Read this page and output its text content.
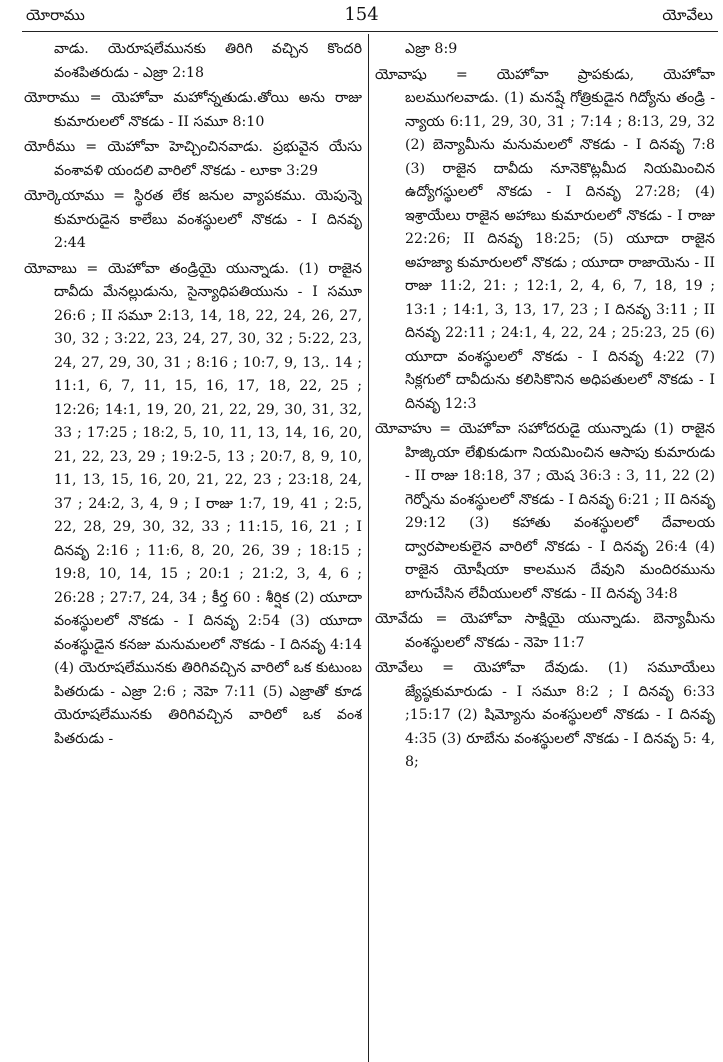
యోరాము	154	యోవేలు

వాడు. యెరూషలేమునకు తిరిగి వచ్చిన కొందరి వంశపితరుడు - ఎజ్రా 2:18

యోరాము = యెహోవా మహోన్నతుడు.తోయి అను రాజు కుమారులలో నొకడు - II సమూ 8:10

యోరీము = యెహోవా హెచ్చించినవాడు. ప్రభువైన యేసు వంశావళి యందలి వారిలో నొకడు - లూకా 3:29

యోర్కెయాము = స్థిరత లేక జనుల వ్యాపకము. యెపున్నె కుమారుడైన కాలేబు వంశస్థులలో నొకడు - I దినవృ 2:44

యోవాబు = యెహోవా తండ్రియై యున్నాడు. (1) రాజైన దావీదు మేనల్లుడును, సైన్యాధిపతియును - I సమూ 26:6 ; II సమూ 2:13, 14, 18, 22, 24, 26, 27, 30, 32 ; 3:22, 23, 24, 27, 30, 32 ; 5:22, 23, 24, 27, 29, 30, 31 ; 8:16 ; 10:7, 9, 13,. 14 ; 11:1, 6, 7, 11, 15, 16, 17, 18, 22, 25 ; 12:26; 14:1, 19, 20, 21, 22, 29, 30, 31, 32, 33 ; 17:25 ; 18:2, 5, 10, 11, 13, 14, 16, 20, 21, 22, 23, 29 ; 19:2-5, 13 ; 20:7, 8, 9, 10, 11, 13, 15, 16, 20, 21, 22, 23 ; 23:18, 24, 37 ; 24:2, 3, 4, 9 ; I రాజు 1:7, 19, 41 ; 2:5, 22, 28, 29, 30, 32, 33 ; 11:15, 16, 21 ; I దినవృ 2:16 ; 11:6, 8, 20, 26, 39 ; 18:15 ; 19:8, 10, 14, 15 ; 20:1 ; 21:2, 3, 4, 6 ; 26:28 ; 27:7, 24, 34 ; కీర్త 60 : శీర్షిక (2) యూదా వంశస్థులలో నొకడు - I దినవృ 2:54 (3) యూదా వంశస్థుడైన కనజు మనుమలలో నొకడు - I దినవృ 4:14 (4) యెరూషలేమునకు తిరిగివచ్చిన వారిలో ఒక కుటుంబ పితరుడు - ఎజ్రా 2:6 ; నెహె 7:11 (5) ఎజ్రాతో కూడ యెరూషలేమునకు తిరిగివచ్చిన వారిలో ఒక వంశ పితరుడు -

ఎజ్రా 8:9

యోవాషు = యెహోవా ప్రాపకుడు, యెహోవా బలముగలవాడు. (1) మనష్షే గోత్రికుడైన గిద్యోను తండ్రి - న్యాయ 6:11, 29, 30, 31 ; 7:14 ; 8:13, 29, 32 (2) బెన్యామీను మనుమలలో నొకడు - I దినవృ 7:8 (3) రాజైన దావీదు నూనెకొట్లమీద నియమించిన ఉద్యోగస్థులలో నొకడు - I దినవృ 27:28; (4) ఇశ్రాయేలు రాజైన అహాబు కుమారులలో నొకడు - I రాజు 22:26; II దినవృ 18:25; (5) యూదా రాజైన అహజ్యా కుమారులలో నొకడు ; యూదా రాజాయెను - II రాజు 11:2, 21: ; 12:1, 2, 4, 6, 7, 18, 19 ; 13:1 ; 14:1, 3, 13, 17, 23 ; I దినవృ 3:11 ; II దినవృ 22:11 ; 24:1, 4, 22, 24 ; 25:23, 25 (6) యూదా వంశస్థులలో నొకడు - I దినవృ 4:22 (7) సిక్లగులో దావీదును కలిసికొనిన అధిపతులలో నొకడు - I దినవృ 12:3

యోవాహు = యెహోవా సహోదరుడై యున్నాడు (1) రాజైన హిజ్కియా లేఖికుడుగా నియమించిన ఆసాపు కుమారుడు - II రాజు 18:18, 37 ; యెష 36:3 : 3, 11, 22 (2) గెర్నోను వంశస్థులలో నొకడు - I దినవృ 6:21 ; II దినవృ 29:12 (3) కహాతు వంశస్థులలో దేవాలయ ద్వారపాలకులైన వారిలో నొకడు - I దినవృ 26:4 (4) రాజైన యోషీయా కాలమున దేవుని మందిరమును బాగుచేసిన లేవీయులలో నొకడు - II దినవృ 34:8

యోవేదు = యెహోవా సాక్షియై యున్నాడు. బెన్యామీను వంశస్థులలో నొకడు - నెహె 11:7

యోవేలు = యెహోవా దేవుడు. (1) సమూయేలు జ్యేష్ఠకుమారుడు - I సమూ 8:2 ; I దినవృ 6:33 ;15:17 (2) షిమ్యోను వంశస్థులలో నొకడు - I దినవృ 4:35 (3) రూబేను వంశస్థులలో నొకడు - I దినవృ 5: 4, 8;
